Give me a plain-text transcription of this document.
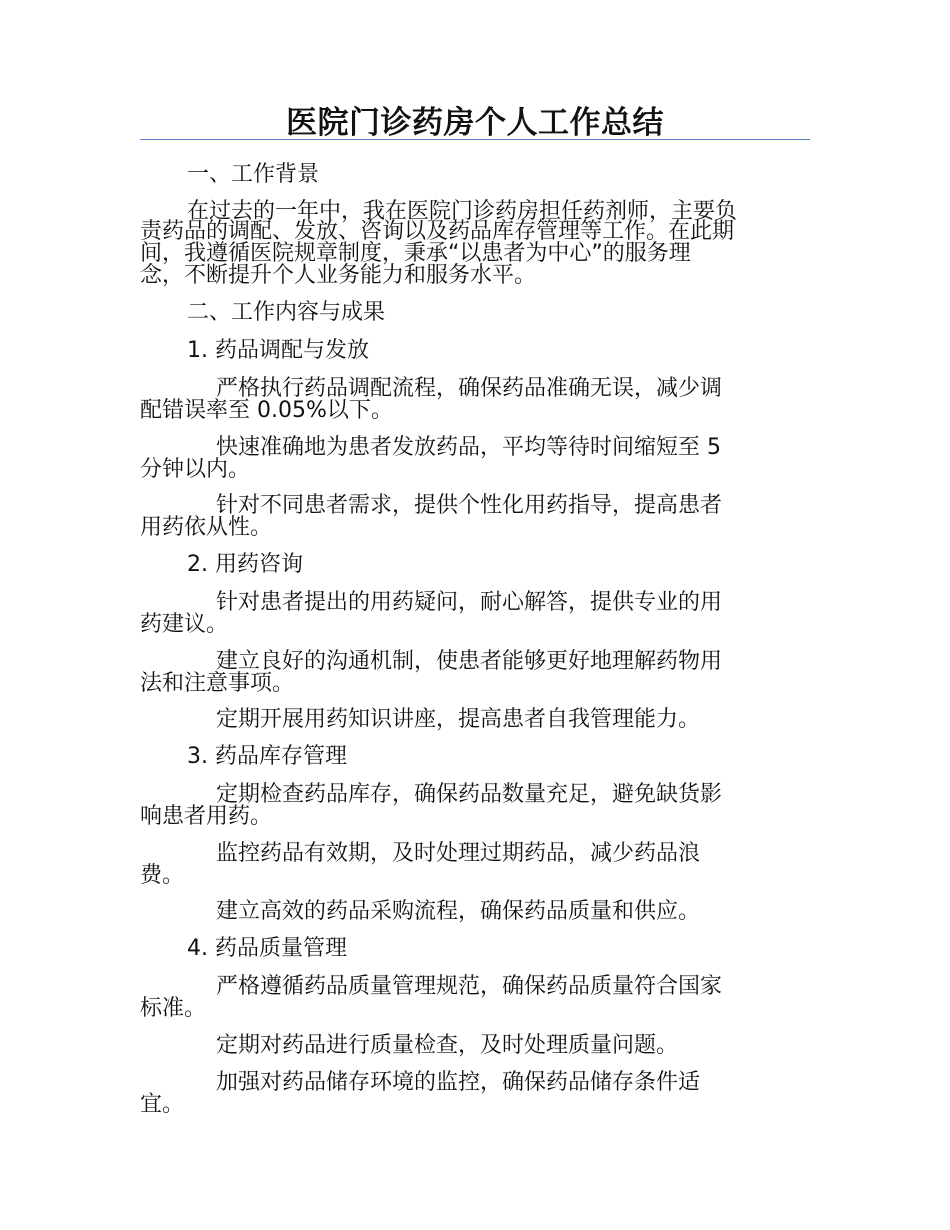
医院门诊药房个人工作总结
一、工作背景
在过去的一年中，我在医院门诊药房担任药剂师，主要负
责药品的调配、发放、咨询以及药品库存管理等工作。在此期
间，我遵循医院规章制度，秉承“以患者为中心”的服务理
念，不断提升个人业务能力和服务水平。
二、工作内容与成果
1. 药品调配与发放
严格执行药品调配流程，确保药品准确无误，减少调
配错误率至 0.05%以下。
快速准确地为患者发放药品，平均等待时间缩短至 5
分钟以内。
针对不同患者需求，提供个性化用药指导，提高患者
用药依从性。
2. 用药咨询
针对患者提出的用药疑问，耐心解答，提供专业的用
药建议。
建立良好的沟通机制，使患者能够更好地理解药物用
法和注意事项。
定期开展用药知识讲座，提高患者自我管理能力。
3. 药品库存管理
定期检查药品库存，确保药品数量充足，避免缺货影
响患者用药。
监控药品有效期，及时处理过期药品，减少药品浪
费。
建立高效的药品采购流程，确保药品质量和供应。
4. 药品质量管理
严格遵循药品质量管理规范，确保药品质量符合国家
标准。
定期对药品进行质量检查，及时处理质量问题。
加强对药品储存环境的监控，确保药品储存条件适
宜。
